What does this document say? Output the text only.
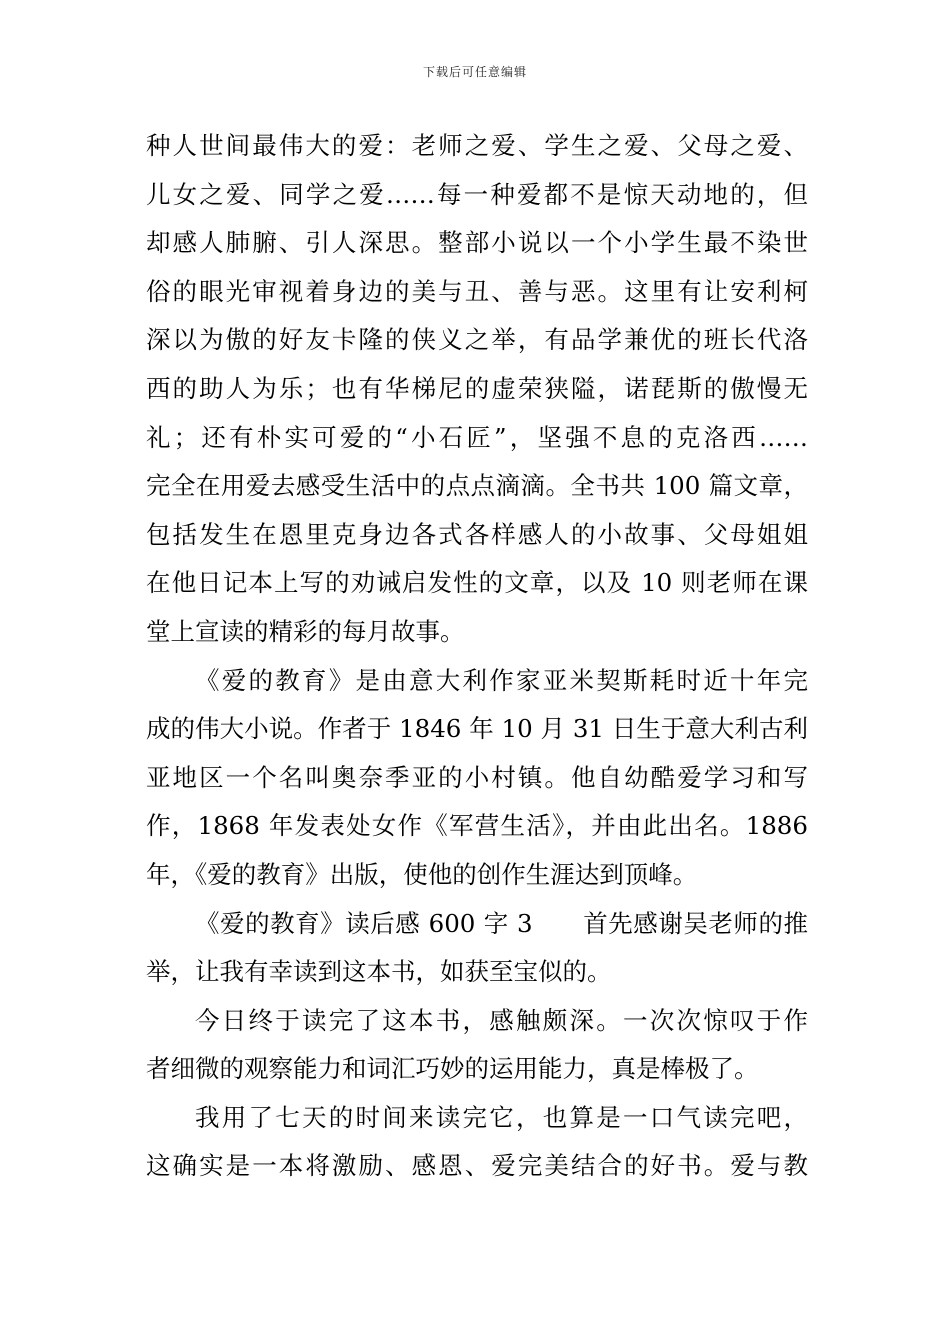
下载后可任意编辑
种人世间最伟大的爱：老师之爱、学生之爱、父母之爱、
儿女之爱、同学之爱……每一种爱都不是惊天动地的，但
却感人肺腑、引人深思。整部小说以一个小学生最不染世
俗的眼光审视着身边的美与丑、善与恶。这里有让安利柯
深以为傲的好友卡隆的侠义之举，有品学兼优的班长代洛
西的助人为乐；也有华梯尼的虚荣狭隘，诺琵斯的傲慢无
礼；还有朴实可爱的“小石匠”，坚强不息的克洛西……
完全在用爱去感受生活中的点点滴滴。全书共 100 篇文章，
包括发生在恩里克身边各式各样感人的小故事、父母姐姐
在他日记本上写的劝诫启发性的文章，以及 10 则老师在课
堂上宣读的精彩的每月故事。
《爱的教育》是由意大利作家亚米契斯耗时近十年完
成的伟大小说。作者于 1846 年 10 月 31 日生于意大利古利
亚地区一个名叫奥奈季亚的小村镇。他自幼酷爱学习和写
作，1868 年发表处女作《军营生活》，并由此出名。1886
年，《爱的教育》出版，使他的创作生涯达到顶峰。
《爱的教育》读后感 600 字 3　　首先感谢吴老师的推
举，让我有幸读到这本书，如获至宝似的。
今日终于读完了这本书，感触颇深。一次次惊叹于作
者细微的观察能力和词汇巧妙的运用能力，真是棒极了。
我用了七天的时间来读完它，也算是一口气读完吧，
这确实是一本将激励、感恩、爱完美结合的好书。爱与教
